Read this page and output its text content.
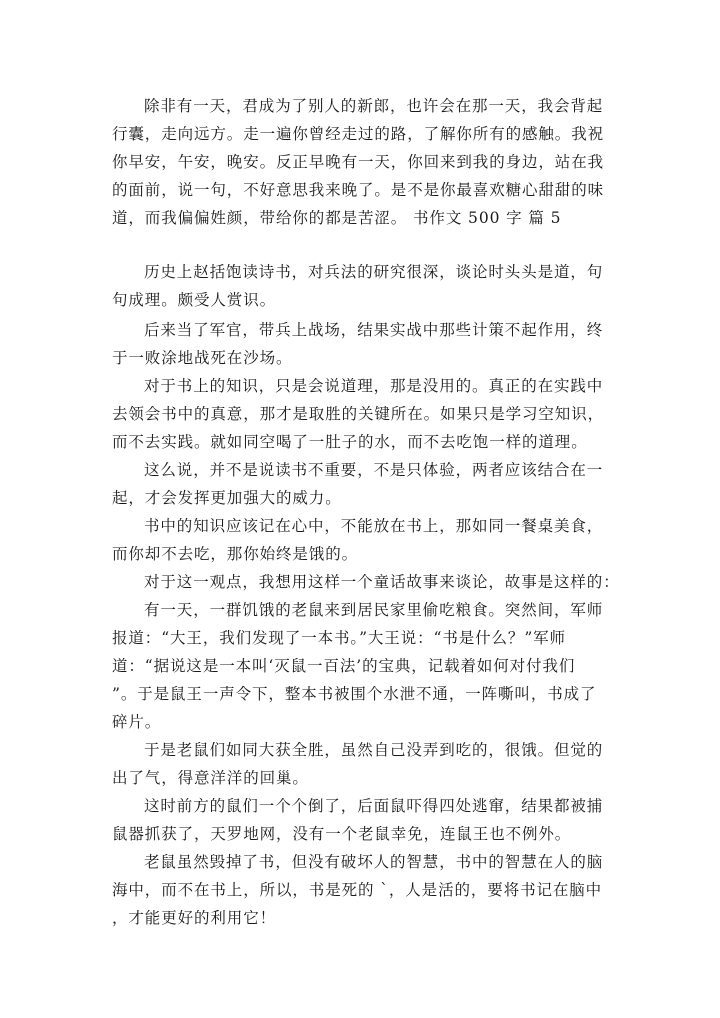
除非有一天，君成为了别人的新郎，也许会在那一天，我会背起
行囊，走向远方。走一遍你曾经走过的路，了解你所有的感触。我祝
你早安，午安，晚安。反正早晚有一天，你回来到我的身边，站在我
的面前，说一句，不好意思我来晚了。是不是你最喜欢糖心甜甜的味
道，而我偏偏姓颜，带给你的都是苦涩。 书作文 500 字 篇 5
历史上赵括饱读诗书，对兵法的研究很深，谈论时头头是道，句
句成理。颇受人赏识。
后来当了军官，带兵上战场，结果实战中那些计策不起作用，终
于一败涂地战死在沙场。
对于书上的知识，只是会说道理，那是没用的。真正的在实践中
去领会书中的真意，那才是取胜的关键所在。如果只是学习空知识，
而不去实践。就如同空喝了一肚子的水，而不去吃饱一样的道理。
这么说，并不是说读书不重要，不是只体验，两者应该结合在一
起，才会发挥更加强大的威力。
书中的知识应该记在心中，不能放在书上，那如同一餐桌美食，
而你却不去吃，那你始终是饿的。
对于这一观点，我想用这样一个童话故事来谈论，故事是这样的：
有一天，一群饥饿的老鼠来到居民家里偷吃粮食。突然间，军师
报道：“大王，我们发现了一本书。”大王说：“书是什么？”军师
道：“据说这是一本叫‘灭鼠一百法’的宝典，记载着如何对付我们
”。于是鼠王一声令下，整本书被围个水泄不通，一阵嘶叫，书成了
碎片。
于是老鼠们如同大获全胜，虽然自己没弄到吃的，很饿。但觉的
出了气，得意洋洋的回巢。
这时前方的鼠们一个个倒了，后面鼠吓得四处逃窜，结果都被捕
鼠器抓获了，天罗地网，没有一个老鼠幸免，连鼠王也不例外。
老鼠虽然毁掉了书，但没有破坏人的智慧，书中的智慧在人的脑
海中，而不在书上，所以，书是死的 `，人是活的，要将书记在脑中
，才能更好的利用它！
